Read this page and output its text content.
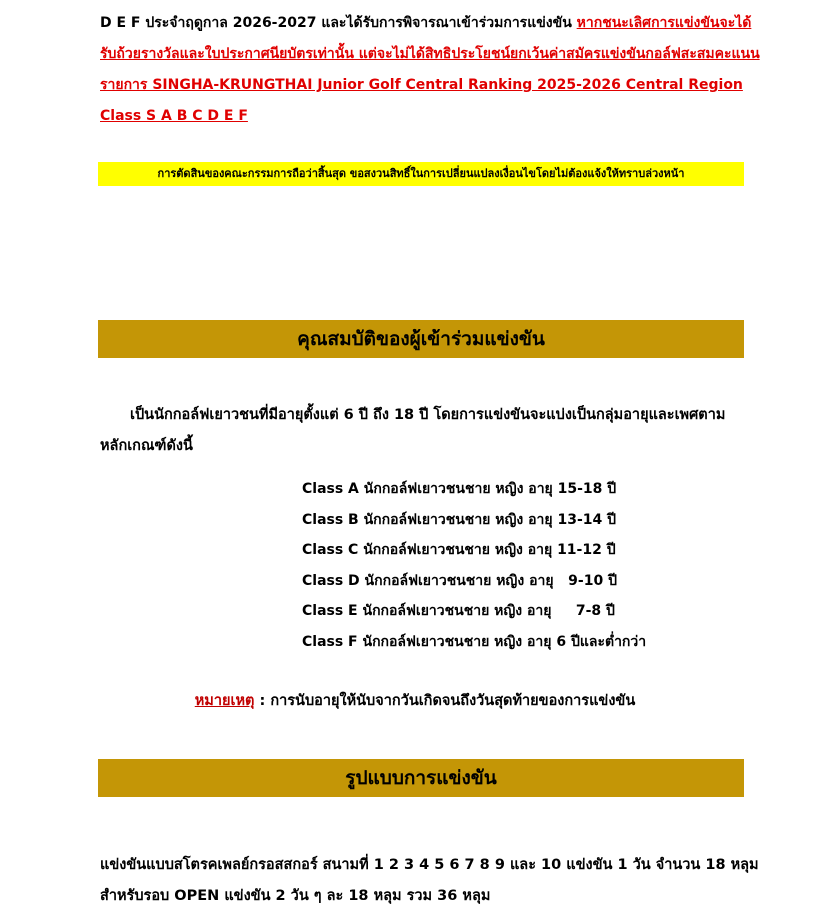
D E F ประจำฤดูกาล 2026-2027 และได้รับการพิจารณาเข้าร่วมการแข่งขัน หากชนะเลิศการแข่งขันจะได้รับถ้วยรางวัลและใบประกาศนียบัตรเท่านั้น แต่จะไม่ได้สิทธิประโยชน์ยกเว้นค่าสมัครแข่งขันกอล์ฟสะสมคะแนนรายการ SINGHA-KRUNGTHAI Junior Golf Central Ranking 2025-2026 Central Region Class S A B C D E F
การตัดสินของคณะกรรมการถือว่าสิ้นสุด ขอสงวนสิทธิ์ในการเปลี่ยนแปลงเงื่อนไขโดยไม่ต้องแจ้งให้ทราบล่วงหน้า
คุณสมบัติของผู้เข้าร่วมแข่งขัน
เป็นนักกอล์ฟเยาวชนที่มีอายุตั้งแต่ 6 ปี ถึง 18 ปี โดยการแข่งขันจะแบ่งเป็นกลุ่มอายุและเพศตามหลักเกณฑ์ดังนี้
Class A นักกอล์ฟเยาวชนชาย หญิง อายุ 15-18 ปี
Class B นักกอล์ฟเยาวชนชาย หญิง อายุ 13-14 ปี
Class C นักกอล์ฟเยาวชนชาย หญิง อายุ 11-12 ปี
Class D นักกอล์ฟเยาวชนชาย หญิง อายุ   9-10 ปี
Class E นักกอล์ฟเยาวชนชาย หญิง อายุ     7-8 ปี
Class F นักกอล์ฟเยาวชนชาย หญิง อายุ 6 ปีและต่ำกว่า
หมายเหตุ : การนับอายุให้นับจากวันเกิดจนถึงวันสุดท้ายของการแข่งขัน
รูปแบบการแข่งขัน
แข่งขันแบบสโตรคเพลย์กรอสสกอร์ สนามที่ 1 2 3 4 5 6 7 8 9 และ 10 แข่งขัน 1 วัน จำนวน 18 หลุม
สำหรับรอบ OPEN แข่งขัน 2 วัน ๆ ละ 18 หลุม รวม 36 หลุม
